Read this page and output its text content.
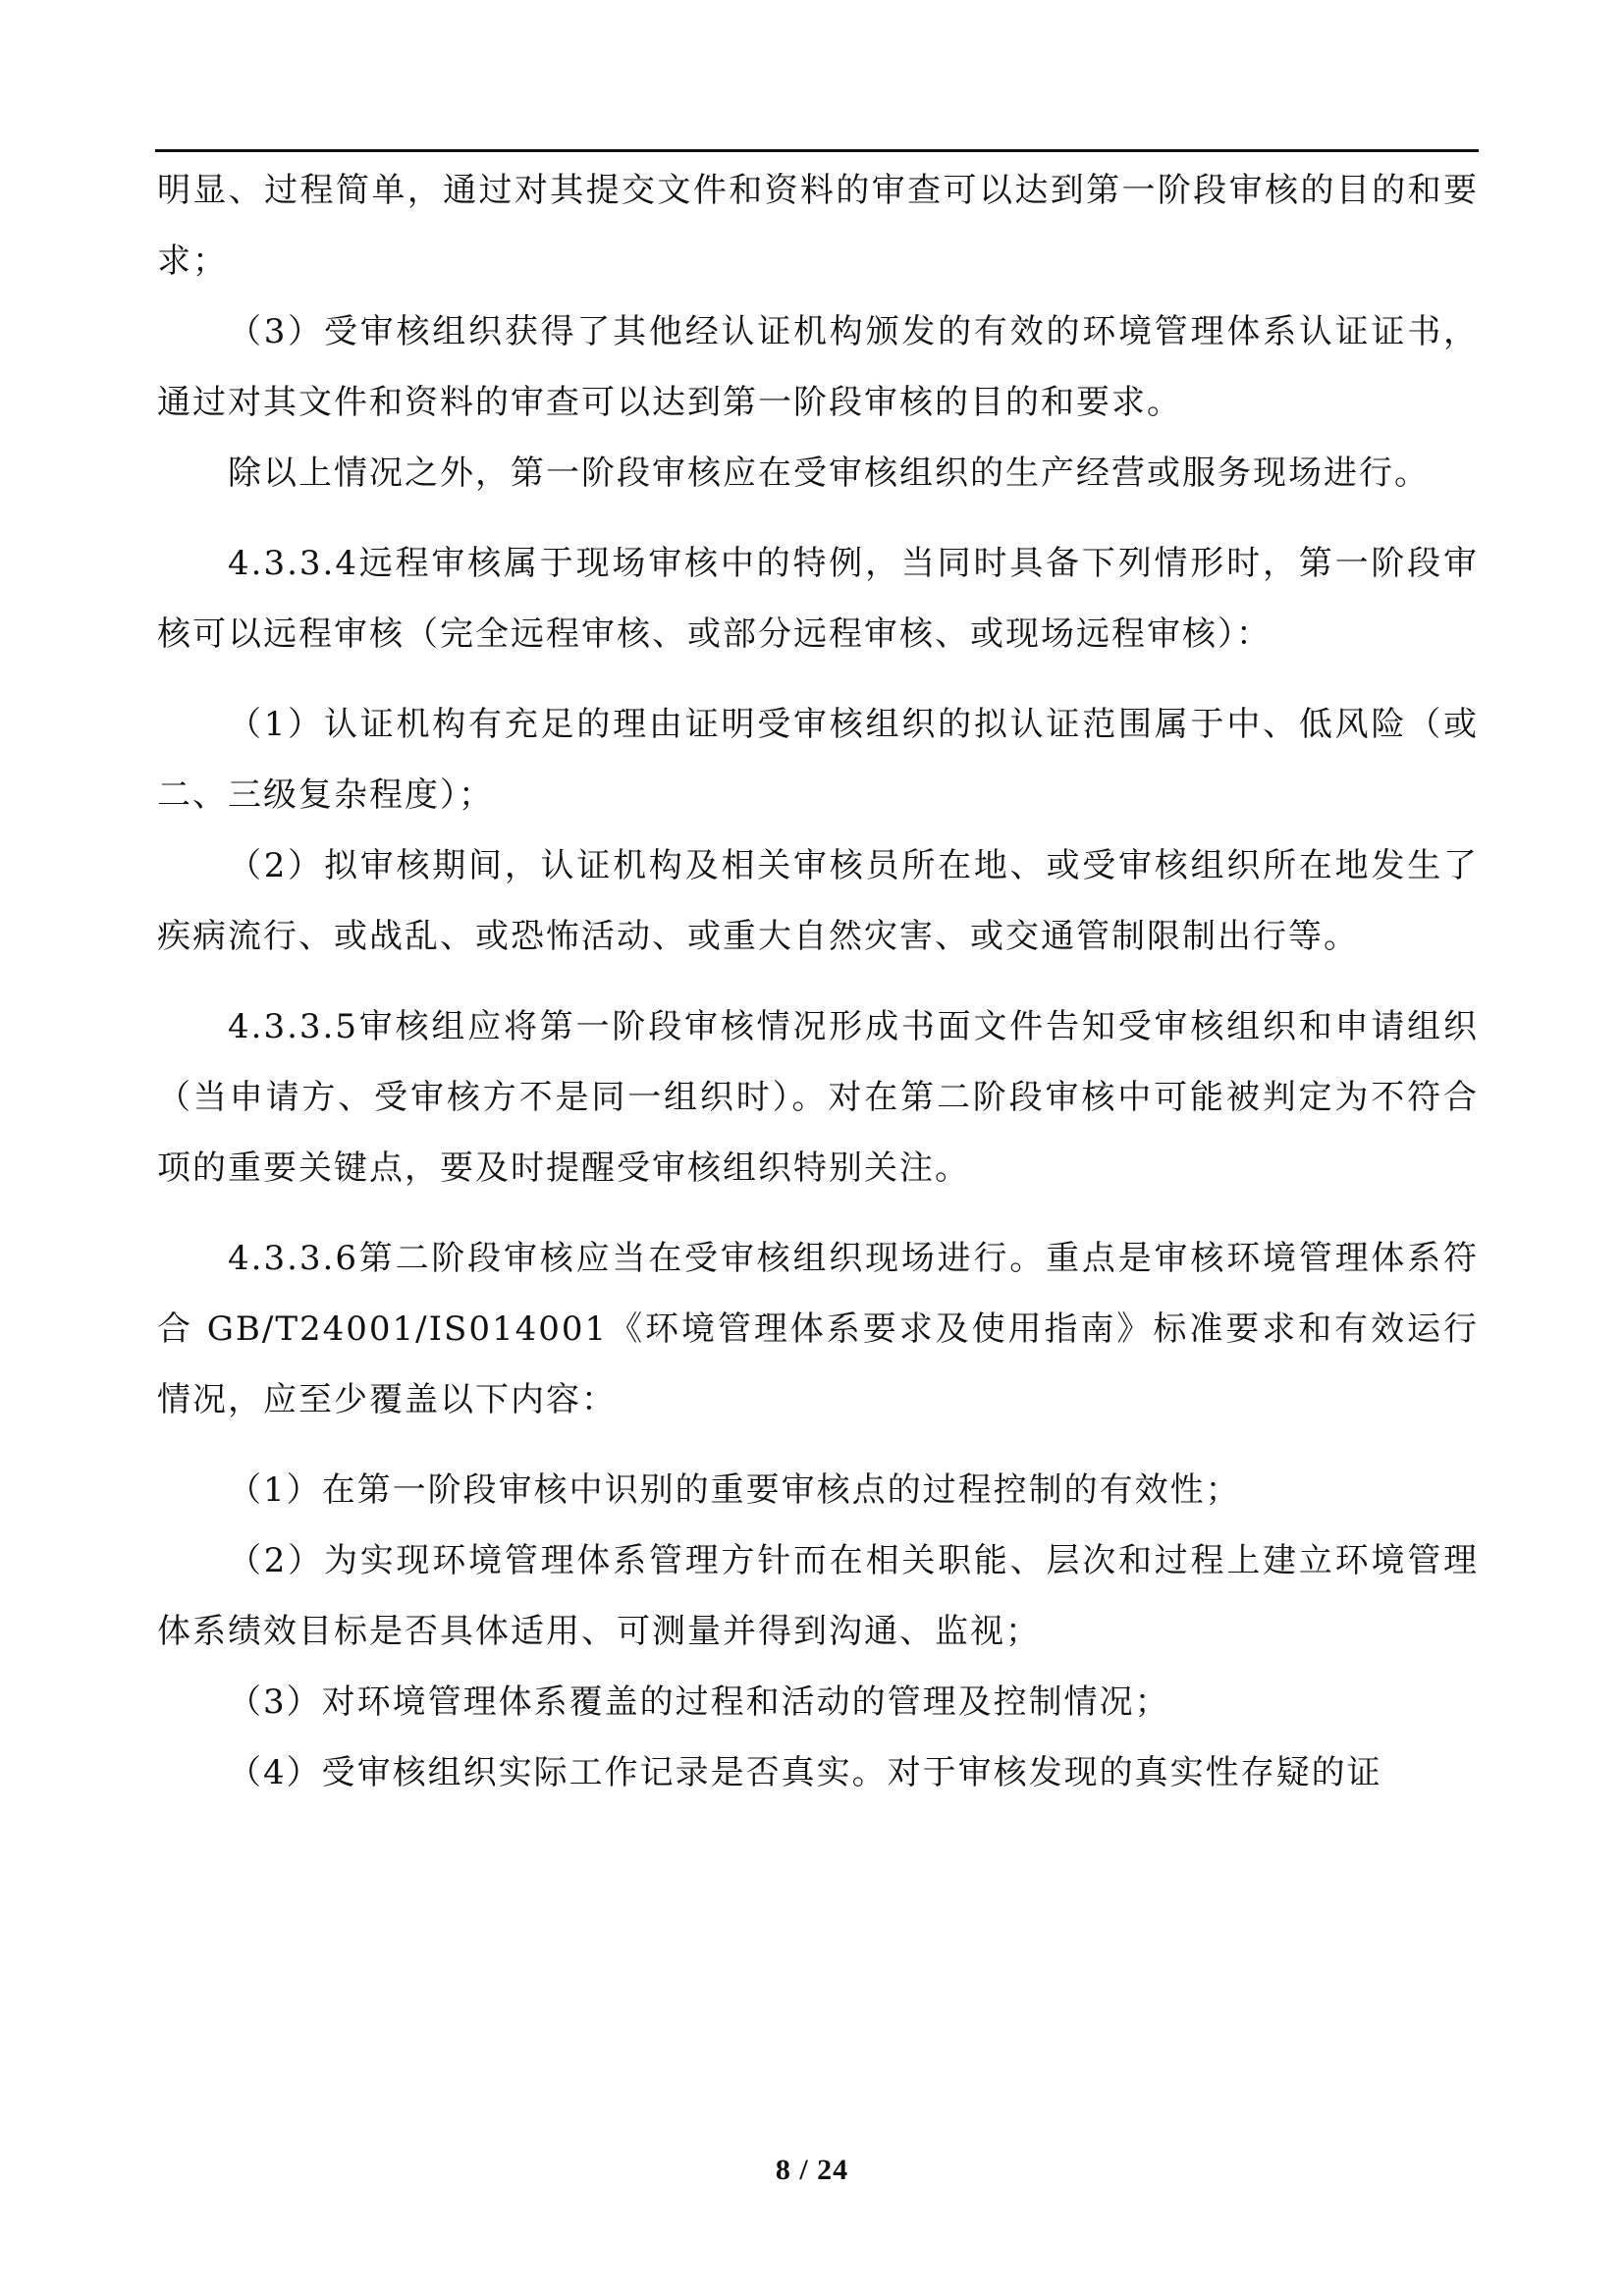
明显、过程简单，通过对其提交文件和资料的审查可以达到第一阶段审核的目的和要求；

（3）受审核组织获得了其他经认证机构颁发的有效的环境管理体系认证证书，通过对其文件和资料的审查可以达到第一阶段审核的目的和要求。

除以上情况之外，第一阶段审核应在受审核组织的生产经营或服务现场进行。

4.3.3.4远程审核属于现场审核中的特例，当同时具备下列情形时，第一阶段审核可以远程审核（完全远程审核、或部分远程审核、或现场远程审核）：

（1）认证机构有充足的理由证明受审核组织的拟认证范围属于中、低风险（或二、三级复杂程度）；

（2）拟审核期间，认证机构及相关审核员所在地、或受审核组织所在地发生了疾病流行、或战乱、或恐怖活动、或重大自然灾害、或交通管制限制出行等。

4.3.3.5审核组应将第一阶段审核情况形成书面文件告知受审核组织和申请组织（当申请方、受审核方不是同一组织时）。对在第二阶段审核中可能被判定为不符合项的重要关键点，要及时提醒受审核组织特别关注。

4.3.3.6第二阶段审核应当在受审核组织现场进行。重点是审核环境管理体系符合 GB/T24001/IS014001《环境管理体系要求及使用指南》标准要求和有效运行情况，应至少覆盖以下内容：

（1）在第一阶段审核中识别的重要审核点的过程控制的有效性；

（2）为实现环境管理体系管理方针而在相关职能、层次和过程上建立环境管理体系绩效目标是否具体适用、可测量并得到沟通、监视；

（3）对环境管理体系覆盖的过程和活动的管理及控制情况；

（4）受审核组织实际工作记录是否真实。对于审核发现的真实性存疑的证

8 / 24
